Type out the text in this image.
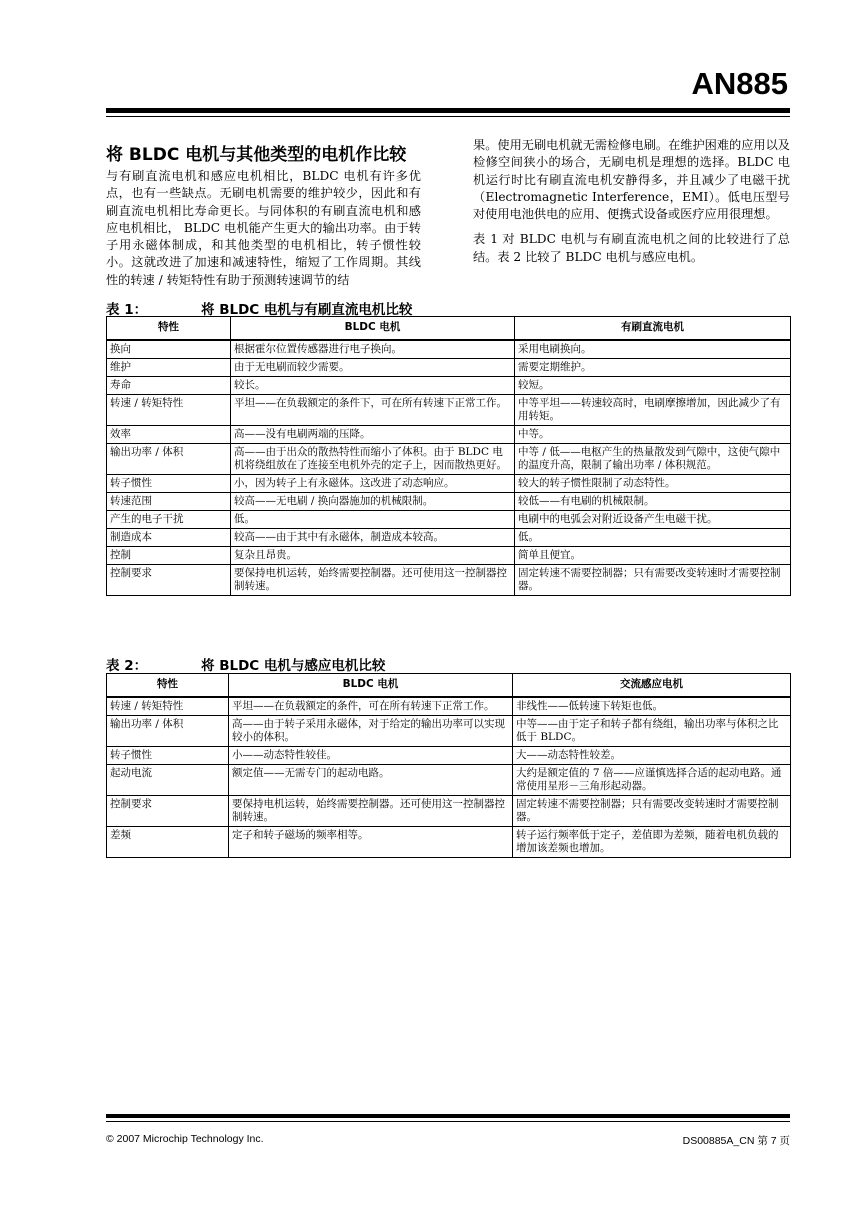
AN885
将 BLDC 电机与其他类型的电机作比较

与有刷直流电机和感应电机相比，BLDC 电机有许多优点，也有一些缺点。无刷电机需要的维护较少，因此和有刷直流电机相比寿命更长。与同体积的有刷直流电机和感应电机相比， BLDC 电机能产生更大的输出功率。由于转子用永磁体制成，和其他类型的电机相比，转子惯性较小。这就改进了加速和减速特性，缩短了工作周期。其线性的转速 / 转矩特性有助于预测转速调节的结

果。使用无刷电机就无需检修电刷。在维护困难的应用以及检修空间狭小的场合，无刷电机是理想的选择。BLDC 电机运行时比有刷直流电机安静得多，并且减少了电磁干扰（Electromagnetic Interference，EMI）。低电压型号对使用电池供电的应用、便携式设备或医疗应用很理想。

表 1 对 BLDC 电机与有刷直流电机之间的比较进行了总结。表 2 比较了 BLDC 电机与感应电机。

表 1：	将 BLDC 电机与有刷直流电机比较
特性	BLDC 电机	有刷直流电机
换向	根据霍尔位置传感器进行电子换向。	采用电刷换向。
维护	由于无电刷而较少需要。	需要定期维护。
寿命	较长。	较短。
转速 / 转矩特性	平坦——在负载额定的条件下，可在所有转速下正常工作。	中等平坦——转速较高时，电刷摩擦增加，因此减少了有用转矩。
效率	高——没有电刷两端的压降。	中等。
输出功率 / 体积	高——由于出众的散热特性而缩小了体积。由于 BLDC 电机将绕组放在了连接至电机外壳的定子上，因而散热更好。	中等 / 低——电枢产生的热量散发到气隙中，这使气隙中的温度升高，限制了输出功率 / 体积规范。
转子惯性	小，因为转子上有永磁体。这改进了动态响应。	较大的转子惯性限制了动态特性。
转速范围	较高——无电刷 / 换向器施加的机械限制。	较低——有电刷的机械限制。
产生的电子干扰	低。	电刷中的电弧会对附近设备产生电磁干扰。
制造成本	较高——由于其中有永磁体，制造成本较高。	低。
控制	复杂且昂贵。	简单且便宜。
控制要求	要保持电机运转，始终需要控制器。还可使用这一控制器控制转速。	固定转速不需要控制器；只有需要改变转速时才需要控制器。
表 2：	将 BLDC 电机与感应电机比较
特性	BLDC 电机	交流感应电机
转速 / 转矩特性	平坦——在负载额定的条件，可在所有转速下正常工作。	非线性——低转速下转矩也低。
输出功率 / 体积	高——由于转子采用永磁体，对于给定的输出功率可以实现较小的体积。	中等——由于定子和转子都有绕组，输出功率与体积之比低于 BLDC。
转子惯性	小——动态特性较佳。	大——动态特性较差。
起动电流	额定值——无需专门的起动电路。	大约是额定值的 7 倍——应谨慎选择合适的起动电路。通常使用星形－三角形起动器。
控制要求	要保持电机运转，始终需要控制器。还可使用这一控制器控制转速。	固定转速不需要控制器；只有需要改变转速时才需要控制器。
差频	定子和转子磁场的频率相等。	转子运行频率低于定子，差值即为差频，随着电机负载的增加该差频也增加。
© 2007 Microchip Technology Inc.	DS00885A_CN 第 7 页
